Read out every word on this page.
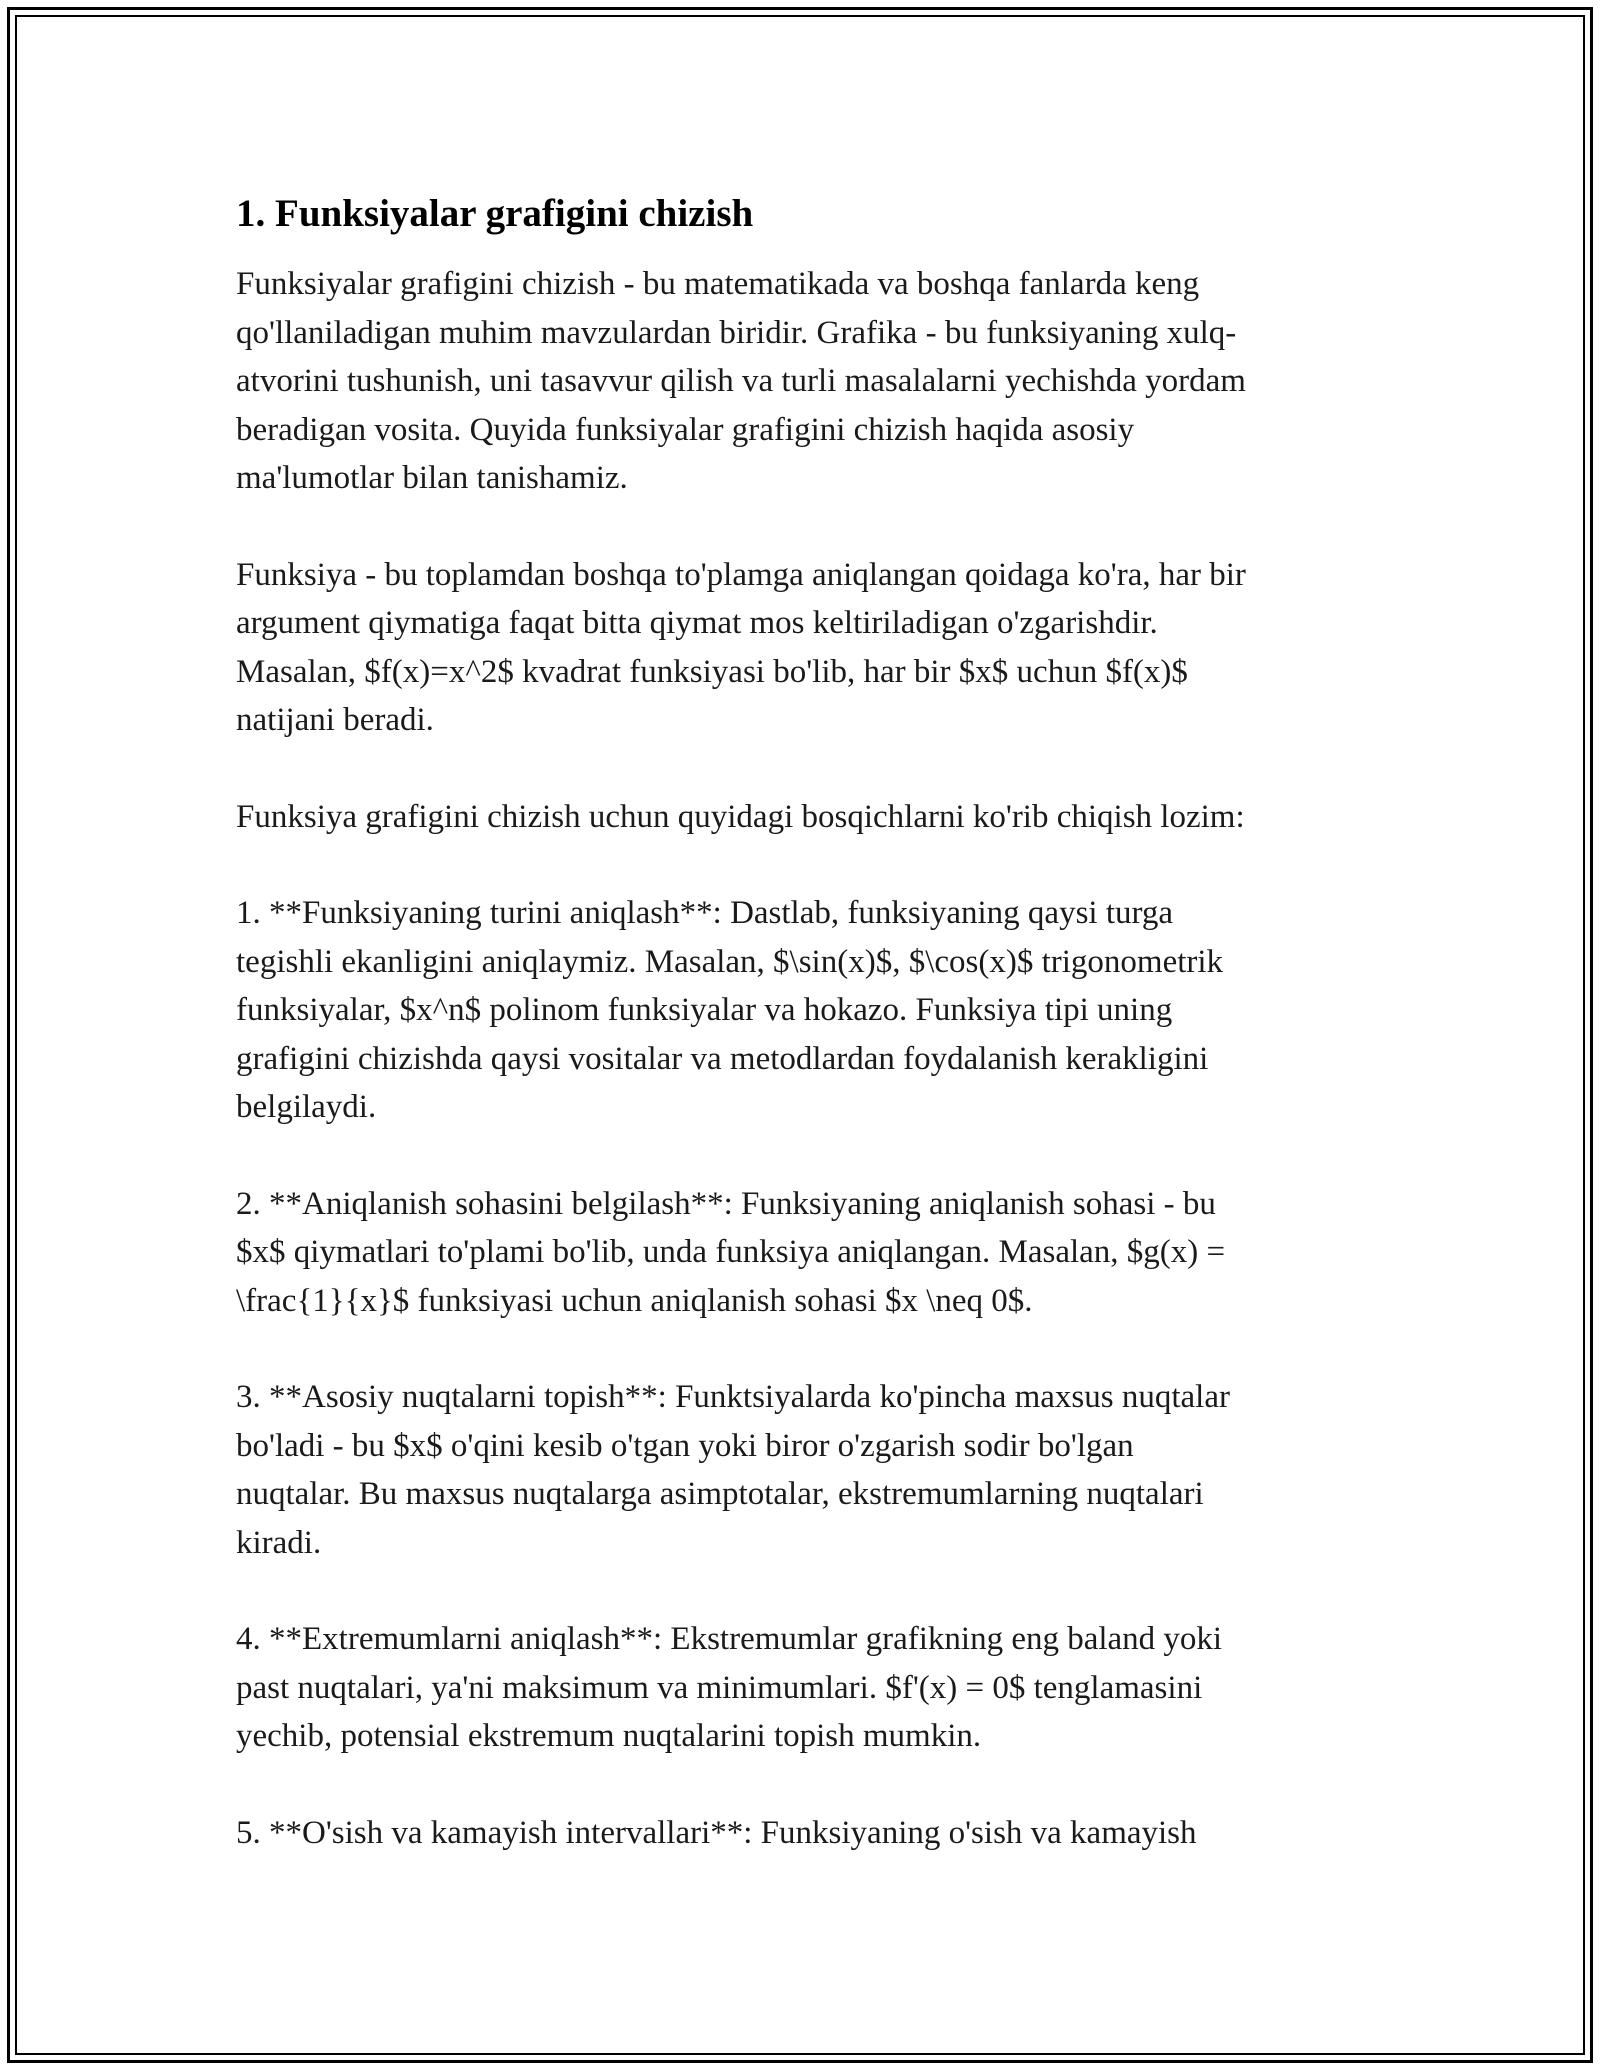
1. Funksiyalar grafigini chizish
Funksiyalar grafigini chizish - bu matematikada va boshqa fanlarda keng
qo'llaniladigan muhim mavzulardan biridir. Grafika - bu funksiyaning xulq-
atvorini tushunish, uni tasavvur qilish va turli masalalarni yechishda yordam
beradigan vosita. Quyida funksiyalar grafigini chizish haqida asosiy
ma'lumotlar bilan tanishamiz.
Funksiya - bu toplamdan boshqa to'plamga aniqlangan qoidaga ko'ra, har bir
argument qiymatiga faqat bitta qiymat mos keltiriladigan o'zgarishdir.
Masalan, $f(x)=x^2$ kvadrat funksiyasi bo'lib, har bir $x$ uchun $f(x)$
natijani beradi.
Funksiya grafigini chizish uchun quyidagi bosqichlarni ko'rib chiqish lozim:
1. **Funksiyaning turini aniqlash**: Dastlab, funksiyaning qaysi turga
tegishli ekanligini aniqlaymiz. Masalan, $\sin(x)$, $\cos(x)$ trigonometrik
funksiyalar, $x^n$ polinom funksiyalar va hokazo. Funksiya tipi uning
grafigini chizishda qaysi vositalar va metodlardan foydalanish kerakligini
belgilaydi.
2. **Aniqlanish sohasini belgilash**: Funksiyaning aniqlanish sohasi - bu
$x$ qiymatlari to'plami bo'lib, unda funksiya aniqlangan. Masalan, $g(x) =
\frac{1}{x}$ funksiyasi uchun aniqlanish sohasi $x \neq 0$.
3. **Asosiy nuqtalarni topish**: Funktsiyalarda ko'pincha maxsus nuqtalar
bo'ladi - bu $x$ o'qini kesib o'tgan yoki biror o'zgarish sodir bo'lgan
nuqtalar. Bu maxsus nuqtalarga asimptotalar, ekstremumlarning nuqtalari
kiradi.
4. **Extremumlarni aniqlash**: Ekstremumlar grafikning eng baland yoki
past nuqtalari, ya'ni maksimum va minimumlari. $f'(x) = 0$ tenglamasini
yechib, potensial ekstremum nuqtalarini topish mumkin.
5. **O'sish va kamayish intervallari**: Funksiyaning o'sish va kamayish
